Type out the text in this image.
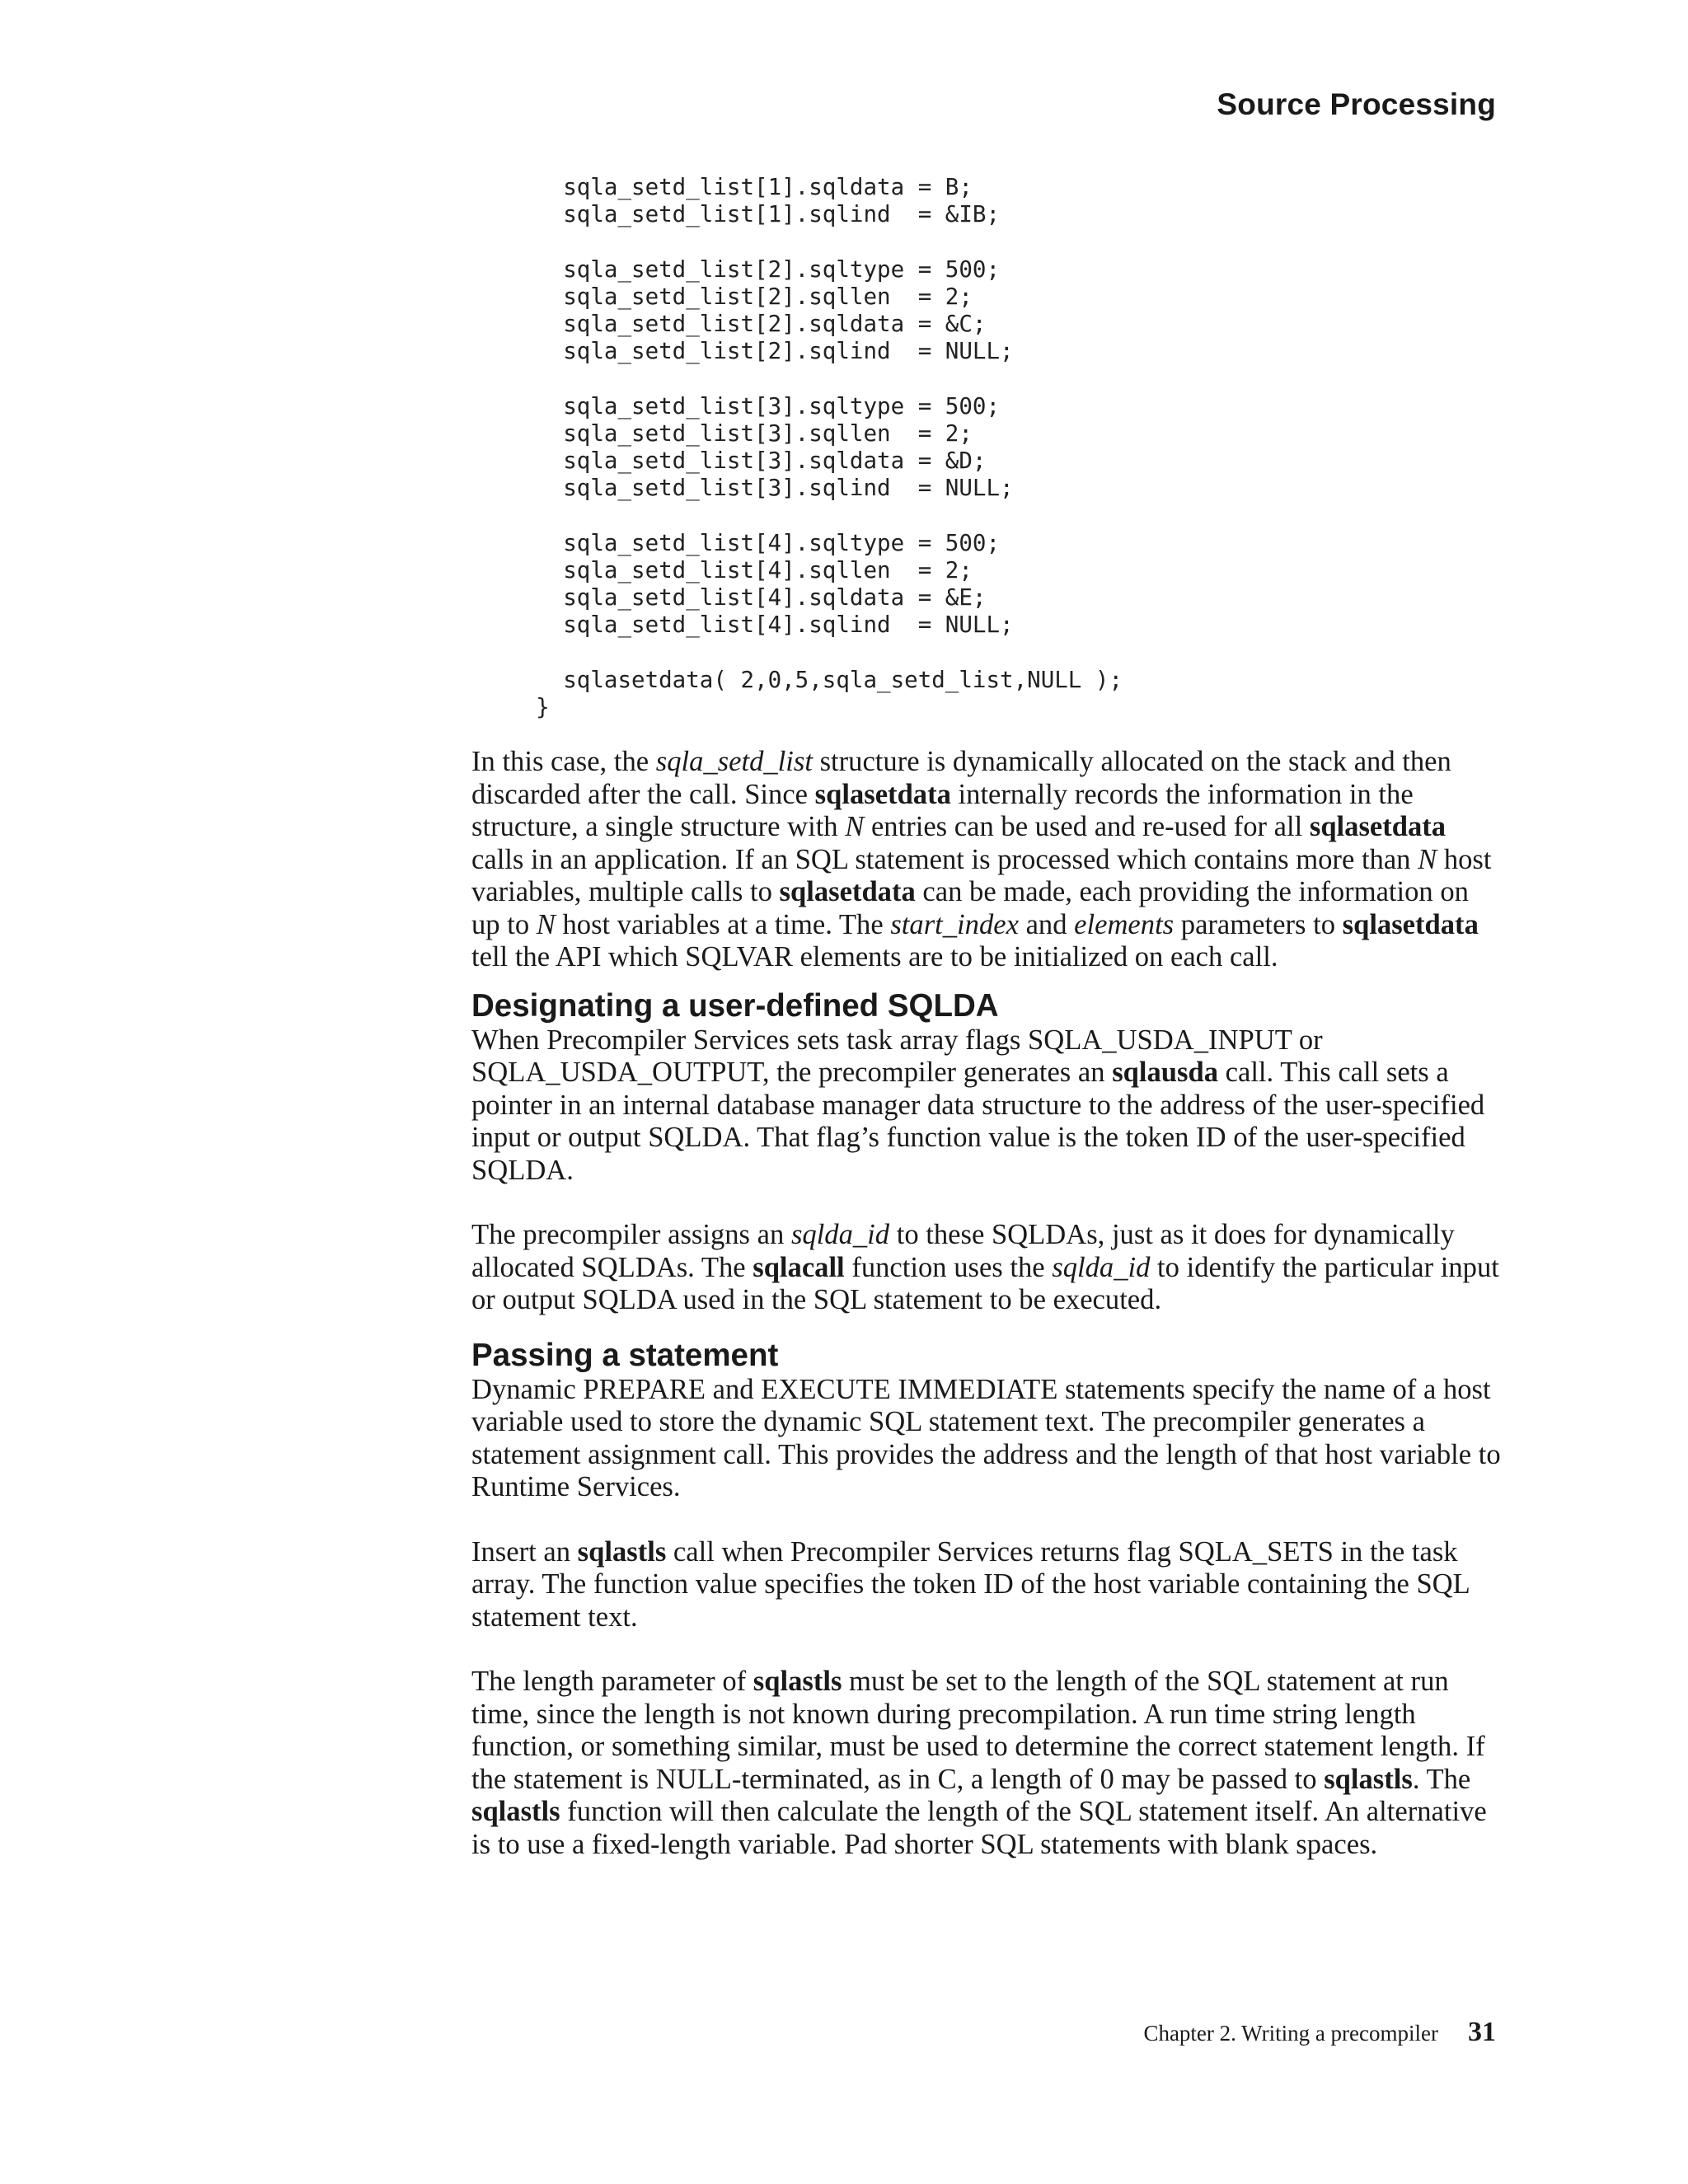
Source Processing
sqla_setd_list[1].sqldata = B;
sqla_setd_list[1].sqlind  = &IB;

sqla_setd_list[2].sqltype = 500;
sqla_setd_list[2].sqllen  = 2;
sqla_setd_list[2].sqldata = &C;
sqla_setd_list[2].sqlind  = NULL;

sqla_setd_list[3].sqltype = 500;
sqla_setd_list[3].sqllen  = 2;
sqla_setd_list[3].sqldata = &D;
sqla_setd_list[3].sqlind  = NULL;

sqla_setd_list[4].sqltype = 500;
sqla_setd_list[4].sqllen  = 2;
sqla_setd_list[4].sqldata = &E;
sqla_setd_list[4].sqlind  = NULL;

sqlasetdata( 2,0,5,sqla_setd_list,NULL );
}

In this case, the sqla_setd_list structure is dynamically allocated on the stack and then discarded after the call. Since sqlasetdata internally records the information in the structure, a single structure with N entries can be used and re-used for all sqlasetdata calls in an application. If an SQL statement is processed which contains more than N host variables, multiple calls to sqlasetdata can be made, each providing the information on up to N host variables at a time. The start_index and elements parameters to sqlasetdata tell the API which SQLVAR elements are to be initialized on each call.

Designating a user-defined SQLDA

When Precompiler Services sets task array flags SQLA_USDA_INPUT or SQLA_USDA_OUTPUT, the precompiler generates an sqlausda call. This call sets a pointer in an internal database manager data structure to the address of the user-specified input or output SQLDA. That flag’s function value is the token ID of the user-specified SQLDA.

The precompiler assigns an sqlda_id to these SQLDAs, just as it does for dynamically allocated SQLDAs. The sqlacall function uses the sqlda_id to identify the particular input or output SQLDA used in the SQL statement to be executed.

Passing a statement

Dynamic PREPARE and EXECUTE IMMEDIATE statements specify the name of a host variable used to store the dynamic SQL statement text. The precompiler generates a statement assignment call. This provides the address and the length of that host variable to Runtime Services.

Insert an sqlastls call when Precompiler Services returns flag SQLA_SETS in the task array. The function value specifies the token ID of the host variable containing the SQL statement text.

The length parameter of sqlastls must be set to the length of the SQL statement at run time, since the length is not known during precompilation. A run time string length function, or something similar, must be used to determine the correct statement length. If the statement is NULL-terminated, as in C, a length of 0 may be passed to sqlastls. The sqlastls function will then calculate the length of the SQL statement itself. An alternative is to use a fixed-length variable. Pad shorter SQL statements with blank spaces.

Chapter 2. Writing a precompiler 31
